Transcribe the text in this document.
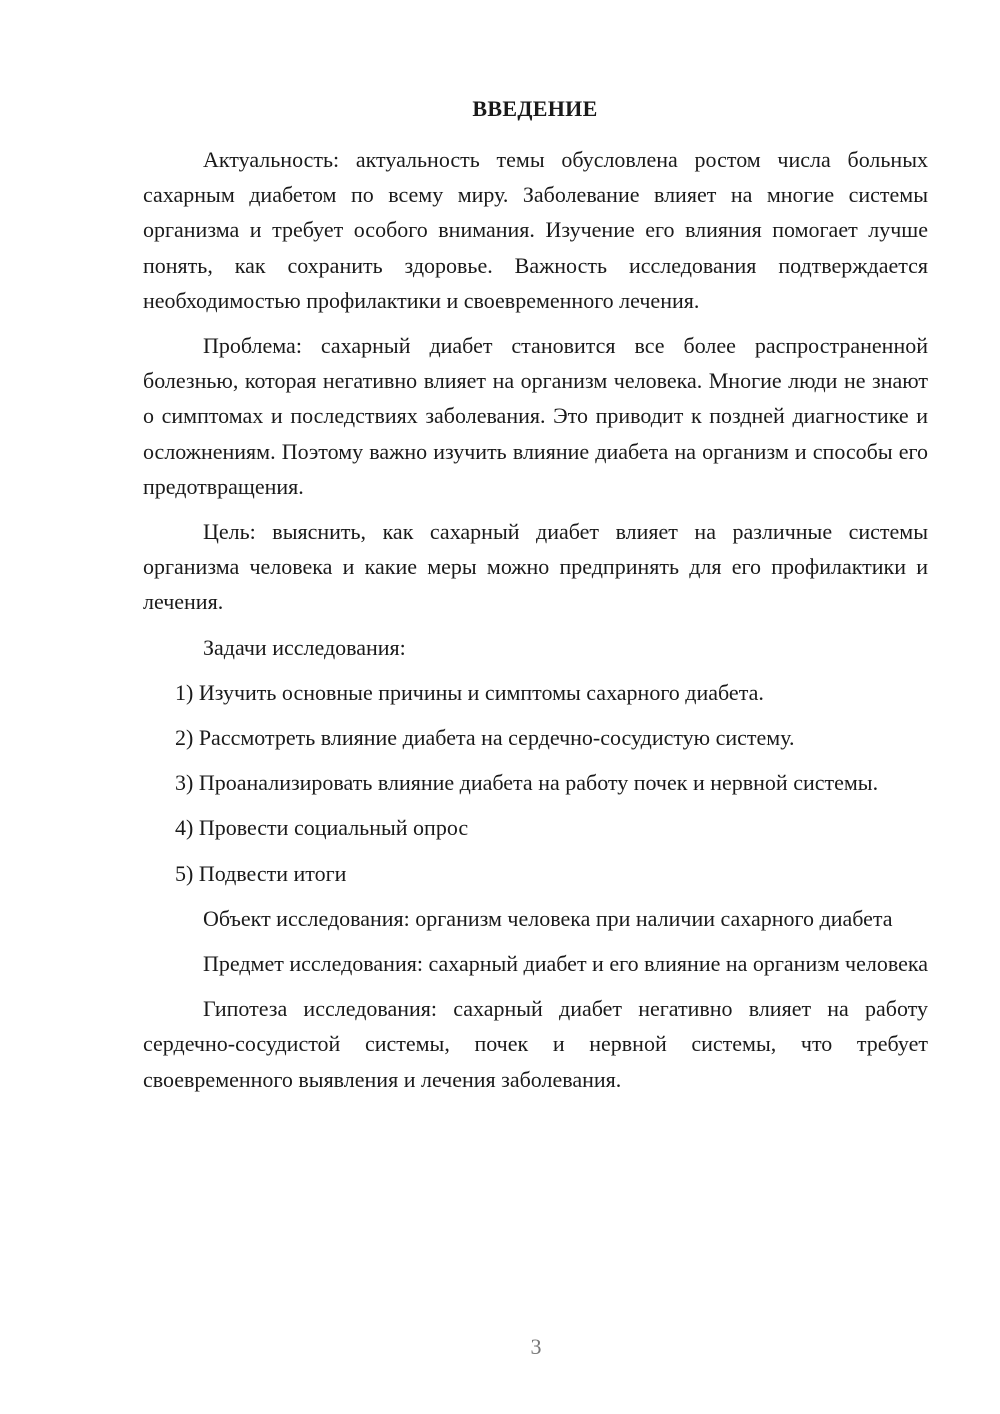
ВВЕДЕНИЕ

Актуальность: актуальность темы обусловлена ростом числа больных сахарным диабетом по всему миру. Заболевание влияет на многие системы организма и требует особого внимания. Изучение его влияния помогает лучше понять, как сохранить здоровье. Важность исследования подтверждается необходимостью профилактики и своевременного лечения.

Проблема: сахарный диабет становится все более распространенной болезнью, которая негативно влияет на организм человека. Многие люди не знают о симптомах и последствиях заболевания. Это приводит к поздней диагностике и осложнениям. Поэтому важно изучить влияние диабета на организм и способы его предотвращения.

Цель: выяснить, как сахарный диабет влияет на различные системы организма человека и какие меры можно предпринять для его профилактики и лечения.

Задачи исследования:

1) Изучить основные причины и симптомы сахарного диабета.

2) Рассмотреть влияние диабета на сердечно-сосудистую систему.

3) Проанализировать влияние диабета на работу почек и нервной системы.

4) Провести социальный опрос

5) Подвести итоги

Объект исследования: организм человека при наличии сахарного диабета

Предмет исследования: сахарный диабет и его влияние на организм человека

Гипотеза исследования: сахарный диабет негативно влияет на работу сердечно-сосудистой системы, почек и нервной системы, что требует своевременного выявления и лечения заболевания.

3
